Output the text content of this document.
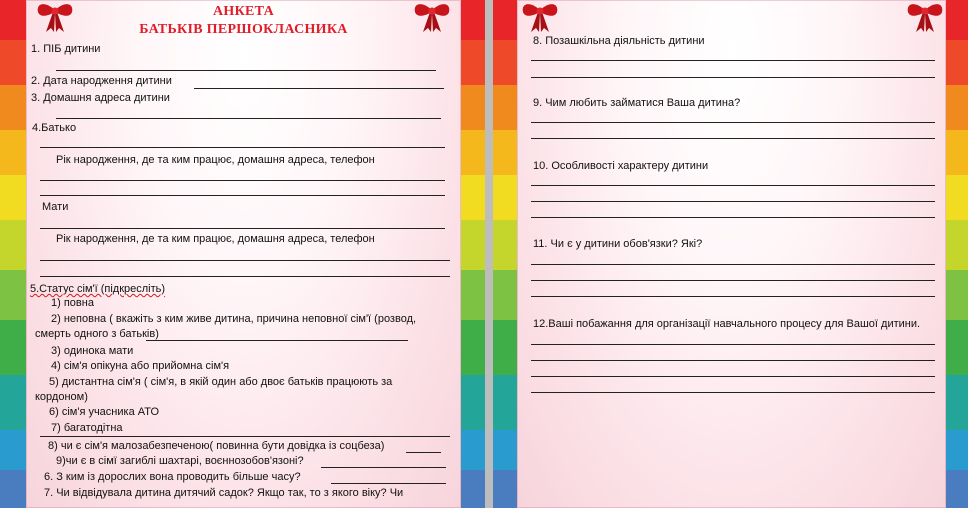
АНКЕТА
БАТЬКІВ ПЕРШОКЛАСНИКА
1. ПІБ дитини
2. Дата народження дитини
3. Домашня адреса дитини
4.Батько
Рік народження, де та ким працює, домашня адреса, телефон
Мати
Рік народження, де та ким працює, домашня адреса, телефон
5.Статус сім'ї (підкресліть)
1) повна
2) неповна ( вкажіть з ким живе дитина, причина неповної сім'ї (розвод,
смерть одного з батьків)
3) одинока мати
4) сім'я опікуна або прийомна сім'я
5) дистантна сім'я ( сім'я, в якій один або двоє батьків працюють за
кордоном)
6) сім'я учасника АТО
7) багатодітна
8) чи є сім'я малозабезпеченою( повинна бути довідка із соцбеза)
9)чи є в сімї загиблі шахтарі, воєннозобов'язоні?
6. З ким із дорослих вона проводить більше часу?
7. Чи відвідувала дитина дитячий садок? Якщо так, то з якого віку? Чи
8. Позашкільна діяльність дитини
9. Чим любить займатися Ваша дитина?
10. Особливості характеру дитини
11. Чи є у дитини обов'язки? Які?
12.Ваші побажання для організації навчального процесу для Вашої дитини.
